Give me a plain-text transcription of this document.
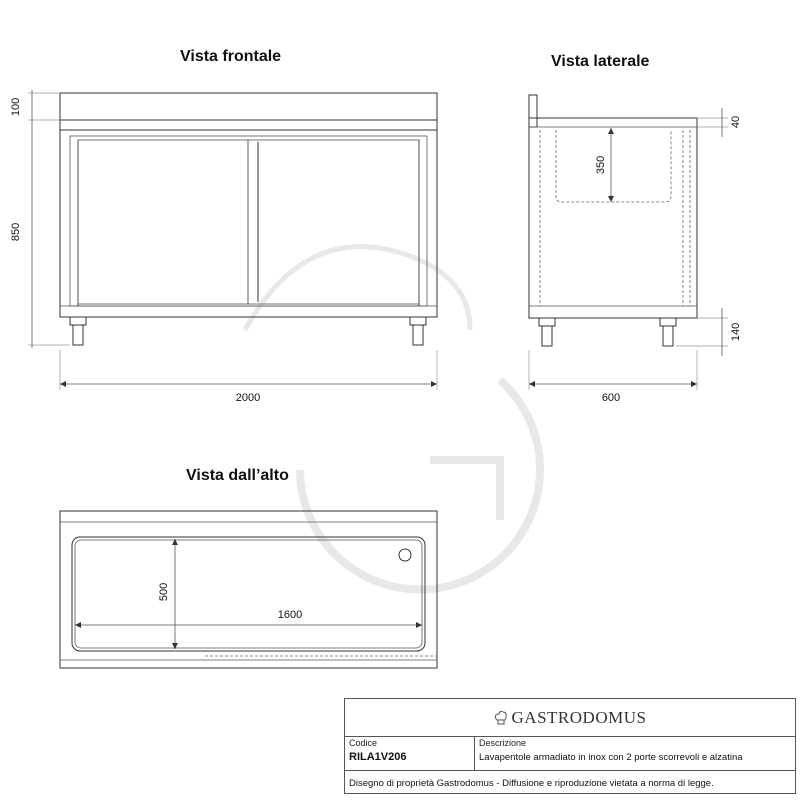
Vista frontale	Vista laterale
Vista dall’alto
100
850
2000
40
350
140
600
500
1600
GASTRODOMUS
Codice
RILA1V206
Descrizione
Lavapentole armadiato in inox con 2 porte scorrevoli e alzatina
Disegno di proprietà Gastrodomus - Diffusione e riproduzione vietata a norma di legge.
